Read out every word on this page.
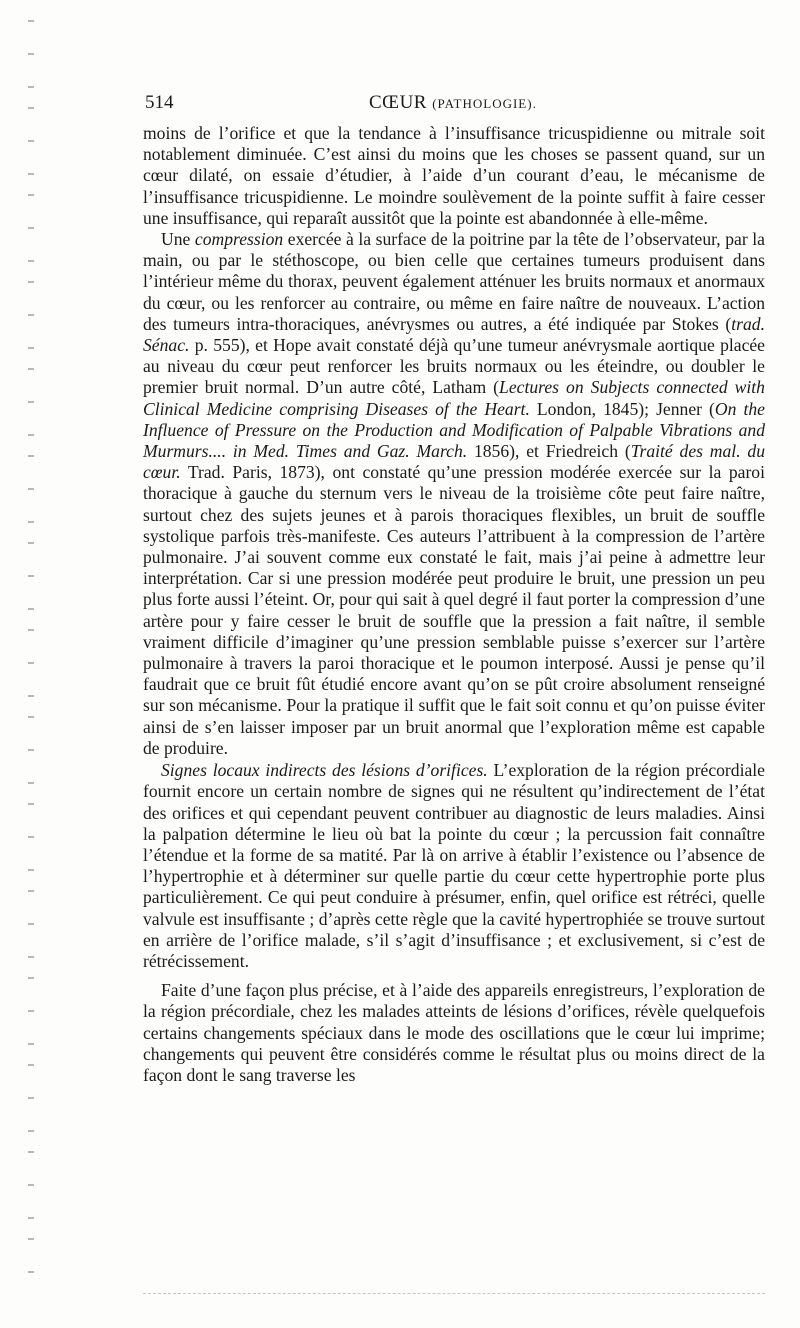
514	CŒUR (PATHOLOGIE).

moins de l’orifice et que la tendance à l’insuffisance tricuspidienne ou mitrale soit notablement diminuée. C’est ainsi du moins que les choses se passent quand, sur un cœur dilaté, on essaie d’étudier, à l’aide d’un courant d’eau, le mécanisme de l’insuffisance tricuspidienne. Le moindre soulèvement de la pointe suffit à faire cesser une insuffisance, qui reparaît aussitôt que la pointe est abandonnée à elle-même.

Une compression exercée à la surface de la poitrine par la tête de l’observateur, par la main, ou par le stéthoscope, ou bien celle que certaines tumeurs produisent dans l’intérieur même du thorax, peuvent également atténuer les bruits normaux et anormaux du cœur, ou les renforcer au contraire, ou même en faire naître de nouveaux. L’action des tumeurs intra-thoraciques, anévrysmes ou autres, a été indiquée par Stokes (trad. Sénac. p. 555), et Hope avait constaté déjà qu’une tumeur anévrysmale aortique placée au niveau du cœur peut renforcer les bruits normaux ou les éteindre, ou doubler le premier bruit normal. D’un autre côté, Latham (Lectures on Subjects connected with Clinical Medicine comprising Diseases of the Heart. London, 1845); Jenner (On the Influence of Pressure on the Production and Modification of Palpable Vibrations and Murmurs.... in Med. Times and Gaz. March. 1856), et Friedreich (Traité des mal. du cœur. Trad. Paris, 1873), ont constaté qu’une pression modérée exercée sur la paroi thoracique à gauche du sternum vers le niveau de la troisième côte peut faire naître, surtout chez des sujets jeunes et à parois thoraciques flexibles, un bruit de souffle systolique parfois très-manifeste. Ces auteurs l’attribuent à la compression de l’artère pulmonaire. J’ai souvent comme eux constaté le fait, mais j’ai peine à admettre leur interprétation. Car si une pression modérée peut produire le bruit, une pression un peu plus forte aussi l’éteint. Or, pour qui sait à quel degré il faut porter la compression d’une artère pour y faire cesser le bruit de souffle que la pression a fait naître, il semble vraiment difficile d’imaginer qu’une pression semblable puisse s’exercer sur l’artère pulmonaire à travers la paroi thoracique et le poumon interposé. Aussi je pense qu’il faudrait que ce bruit fût étudié encore avant qu’on se pût croire absolument renseigné sur son mécanisme. Pour la pratique il suffit que le fait soit connu et qu’on puisse éviter ainsi de s’en laisser imposer par un bruit anormal que l’exploration même est capable de produire.

Signes locaux indirects des lésions d’orifices. L’exploration de la région précordiale fournit encore un certain nombre de signes qui ne résultent qu’indirectement de l’état des orifices et qui cependant peuvent contribuer au diagnostic de leurs maladies. Ainsi la palpation détermine le lieu où bat la pointe du cœur ; la percussion fait connaître l’étendue et la forme de sa matité. Par là on arrive à établir l’existence ou l’absence de l’hypertrophie et à déterminer sur quelle partie du cœur cette hypertrophie porte plus particulièrement. Ce qui peut conduire à présumer, enfin, quel orifice est rétréci, quelle valvule est insuffisante ; d’après cette règle que la cavité hypertrophiée se trouve surtout en arrière de l’orifice malade, s’il s’agit d’insuffisance ; et exclusivement, si c’est de rétrécissement.

Faite d’une façon plus précise, et à l’aide des appareils enregistreurs, l’exploration de la région précordiale, chez les malades atteints de lésions d’orifices, révèle quelquefois certains changements spéciaux dans le mode des oscillations que le cœur lui imprime; changements qui peuvent être considérés comme le résultat plus ou moins direct de la façon dont le sang traverse les
